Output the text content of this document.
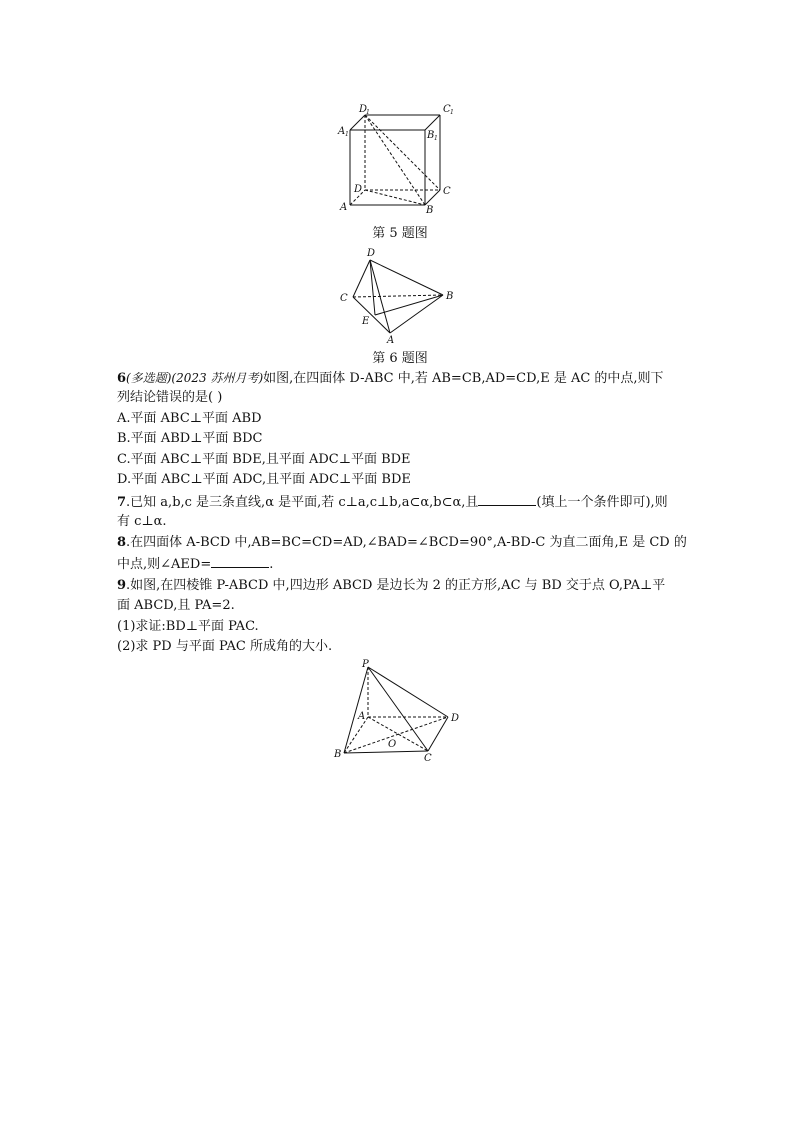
D
1	C 1
A 1	B 1
D	C
A	B
第 5 题图
D
C	B
E
A
第 6 题图
6(多选题)(2023 苏州月考)如图,在四面体 D-ABC 中,若 AB=CB,AD=CD,E 是 AC 的中点,则下
列结论错误的是( )
A.平面 ABC⊥平面 ABD
B.平面 ABD⊥平面 BDC
C.平面 ABC⊥平面 BDE,且平面 ADC⊥平面 BDE
D.平面 ABC⊥平面 ADC,且平面 ADC⊥平面 BDE
7.已知 a,b,c 是三条直线,α 是平面,若 c⊥a,c⊥b,a⊂α,b⊂α,且	(填上一个条件即可),则
有 c⊥α.
8.在四面体 A-BCD 中,AB=BC=CD=AD,∠BAD=∠BCD=90°,A-BD-C 为直二面角,E 是 CD 的
中点,则∠AED=	.
9.如图,在四棱锥 P-ABCD 中,四边形 ABCD 是边长为 2 的正方形,AC 与 BD 交于点 O,PA⊥平
面 ABCD,且 PA=2.
(1)求证:BD⊥平面 PAC.
(2)求 PD 与平面 PAC 所成角的大小.
P
A	D
B
O
C
